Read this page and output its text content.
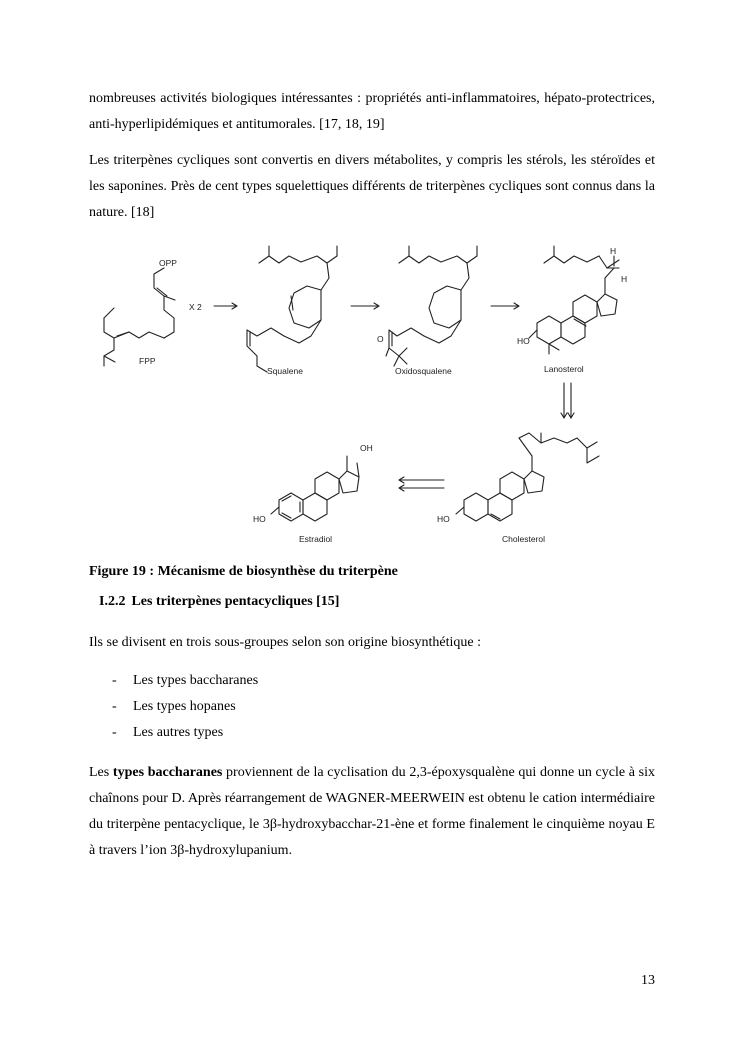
nombreuses activités biologiques intéressantes : propriétés anti-inflammatoires, hépato-protectrices, anti-hyperlipidémiques et antitumorales. [17, 18, 19]

Les triterpènes cycliques sont convertis en divers métabolites, y compris les stérols, les stéroïdes et les saponines. Près de cent types squelettiques différents de triterpènes cycliques sont connus dans la nature. [18]

OPP
X 2
FPP
Squalene
O
Oxidosqualene
HO
H
H
Lanosterol
HO
Cholesterol
HO
OH
Estradiol

Figure 19 : Mécanisme de biosynthèse du triterpène

I.2.2 Les triterpènes pentacycliques [15]

Ils se divisent en trois sous-groupes selon son origine biosynthétique :

- Les types baccharanes
- Les types hopanes
- Les autres types

Les types baccharanes proviennent de la cyclisation du 2,3-époxysqualène qui donne un cycle à six chaînons pour D. Après réarrangement de WAGNER-MEERWEIN est obtenu le cation intermédiaire du triterpène pentacyclique, le 3β-hydroxybacchar-21-ène et forme finalement le cinquième noyau E à travers l’ion 3β-hydroxylupanium.

13
